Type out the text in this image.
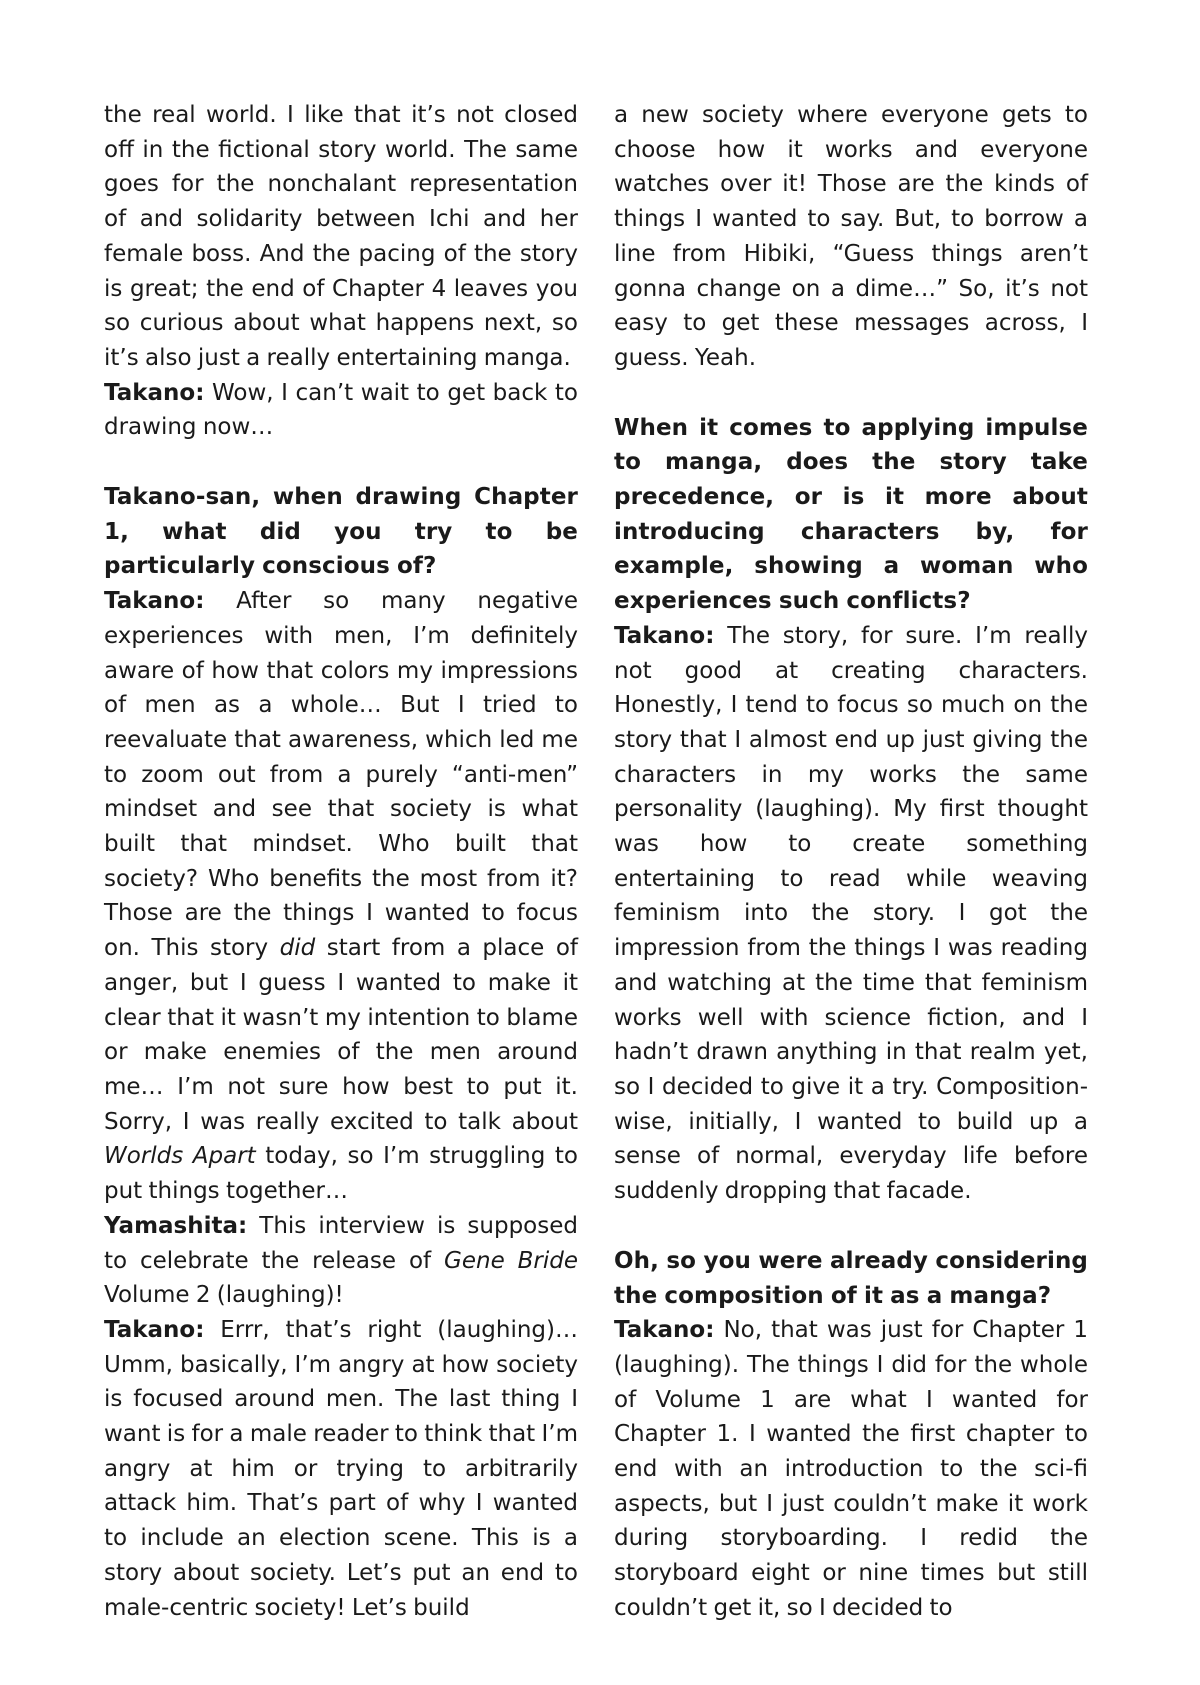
the real world. I like that it’s not closed off in the fictional story world. The same goes for the nonchalant representation of and solidarity between Ichi and her female boss. And the pacing of the story is great; the end of Chapter 4 leaves you so curious about what happens next, so it’s also just a really entertaining manga.

Takano: Wow, I can’t wait to get back to drawing now…

Takano-san, when drawing Chapter 1, what did you try to be particularly conscious of?

Takano: After so many negative experiences with men, I’m definitely aware of how that colors my impressions of men as a whole… But I tried to reevaluate that awareness, which led me to zoom out from a purely “anti-men” mindset and see that society is what built that mindset. Who built that society? Who benefits the most from it? Those are the things I wanted to focus on. This story did start from a place of anger, but I guess I wanted to make it clear that it wasn’t my intention to blame or make enemies of the men around me… I’m not sure how best to put it. Sorry, I was really excited to talk about Worlds Apart today, so I’m struggling to put things together…

Yamashita: This interview is supposed to celebrate the release of Gene Bride Volume 2 (laughing)!

Takano: Errr, that’s right (laughing)… Umm, basically, I’m angry at how society is focused around men. The last thing I want is for a male reader to think that I’m angry at him or trying to arbitrarily attack him. That’s part of why I wanted to include an election scene. This is a story about society. Let’s put an end to male-centric society! Let’s build

a new society where everyone gets to choose how it works and everyone watches over it! Those are the kinds of things I wanted to say. But, to borrow a line from Hibiki, “Guess things aren’t gonna change on a dime…” So, it’s not easy to get these messages across, I guess. Yeah.

When it comes to applying impulse to manga, does the story take precedence, or is it more about introducing characters by, for example, showing a woman who experiences such conflicts?

Takano: The story, for sure. I’m really not good at creating characters. Honestly, I tend to focus so much on the story that I almost end up just giving the characters in my works the same personality (laughing). My first thought was how to create something entertaining to read while weaving feminism into the story. I got the impression from the things I was reading and watching at the time that feminism works well with science fiction, and I hadn’t drawn anything in that realm yet, so I decided to give it a try. Composition-wise, initially, I wanted to build up a sense of normal, everyday life before suddenly dropping that facade.

Oh, so you were already considering the composition of it as a manga?

Takano: No, that was just for Chapter 1 (laughing). The things I did for the whole of Volume 1 are what I wanted for Chapter 1. I wanted the first chapter to end with an introduction to the sci-fi aspects, but I just couldn’t make it work during storyboarding. I redid the storyboard eight or nine times but still couldn’t get it, so I decided to
